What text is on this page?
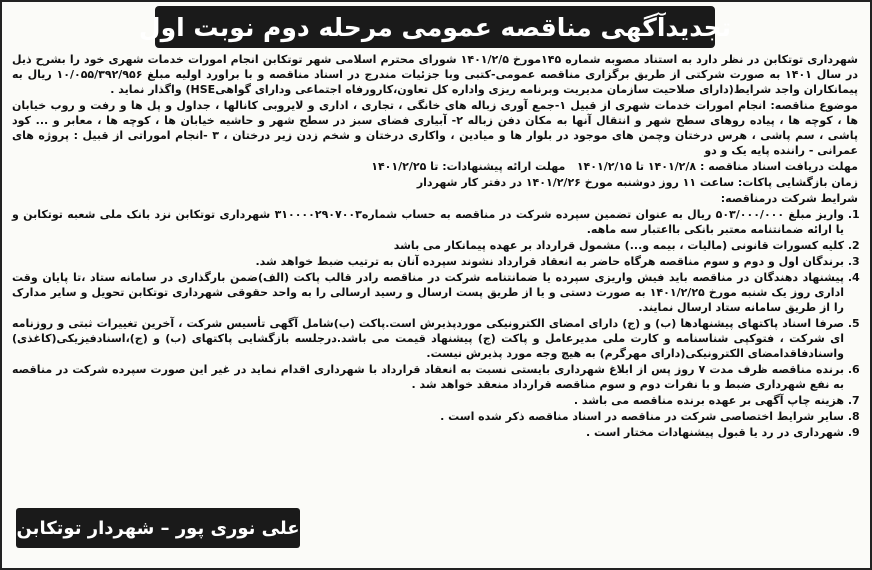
تجدیدآگهی مناقصه عمومی مرحله دوم نوبت اول

شهرداری توتکابن در نظر دارد به استناد مصوبه شماره ۱۴۵مورخ ۱۴۰۱/۲/۵ شورای محترم اسلامی شهر توتکابن انجام امورات خدمات شهری خود را بشرح ذیل در سال ۱۴۰۱ به صورت شرکتی از طریق برگزاری مناقصه عمومی-کتبی وبا جزئیات مندرج در اسناد مناقصه و با براورد اولیه مبلغ ۱۰/۰۵۵/۳۹۲/۹۵۶ ریال به پیمانکاران واجد شرایط(دارای صلاحیت سازمان مدیریت وبرنامه ریزی واداره کل تعاون،کارورفاه اجتماعی ودارای گواهیHSE) واگذار نماید .

موضوع مناقصه: انجام امورات خدمات شهری از قبیل ۱-جمع آوری زباله های خانگی ، تجاری ، اداری و لایروبی کانالها ، جداول و پل ها و رفت و روب خیابان ها ، کوچه ها ، پیاده روهای سطح شهر و انتقال آنها به مکان دفن زباله ۲- آبیاری فضای سبز در سطح شهر و حاشیه خیابان ها ، کوچه ها ، معابر و ... کود پاشی ، سم پاشی ، هرس درختان وچمن های موجود در بلوار ها و میادین ، واکاری درختان و شخم زدن زیر درختان ، ۳ -انجام اموراتی از قبیل : پروژه های عمرانی - راننده پایه یک و دو

مهلت دریافت اسناد مناقصه : ۱۴۰۱/۲/۸ تا ۱۴۰۱/۲/۱۵   مهلت ارائه پیشنهادات: تا ۱۴۰۱/۲/۲۵

زمان بازگشایی پاکات: ساعت ۱۱ روز دوشنبه مورخ ۱۴۰۱/۲/۲۶ در دفتر کار شهردار

شرایط شرکت درمناقصه:

1. واریز مبلغ ۵۰۳/۰۰۰/۰۰۰ ریال به عنوان تضمین سپرده شرکت در مناقصه به حساب شماره۳۱۰۰۰۰۲۹۰۷۰۰۳ شهرداری توتکابن نزد بانک ملی شعبه توتکابن و یا ارائه ضمانتنامه معتبر بانکی بااعتبار سه ماهه.
2. کلیه کسورات قانونی (مالیات ، بیمه و...) مشمول قرارداد بر عهده پیمانکار می باشد
3. برندگان اول و دوم و سوم مناقصه هرگاه حاضر به انعقاد قرارداد نشوند سپرده آنان به ترتیب ضبط خواهد شد.
4. پیشنهاد دهندگان در مناقصه باید فیش واریزی سپرده یا ضمانتنامه شرکت در مناقصه رادر قالب پاکت (الف)ضمن بارگذاری در سامانه ستاد ،تا پایان وقت اداری روز یک شنبه مورخ ۱۴۰۱/۲/۲۵ به صورت دستی و یا از طریق پست ارسال و رسید ارسالی را به واحد حقوقی شهرداری توتکابن تحویل و سایر مدارک را از طریق سامانه ستاد ارسال نمایند.
5. صرفا اسناد پاکتهای پیشنهادها (ب) و (ج) دارای امضای الکترونیکی موردپذیرش است.پاکت (ب)شامل آگهی تأسیس شرکت ، آخرین تغییرات ثبتی و روزنامه ای شرکت ، فتوکپی شناسنامه و کارت ملی مدیرعامل و پاکت (ج) پیشنهاد قیمت می باشد.درجلسه بازگشایی پاکتهای (ب) و (ج)،اسنادفیزیکی(کاغذی) واسنادفاقدامضای الکترونیکی(دارای مهرگرم) به هیچ وجه مورد پذیرش نیست.
6. برنده مناقصه ظرف مدت ۷ روز پس از ابلاغ شهرداری بایستی نسبت به انعقاد قرارداد با شهرداری اقدام نماید در غیر این صورت سپرده شرکت در مناقصه به نفع شهرداری ضبط و با نفرات دوم و سوم مناقصه قرارداد منعقد خواهد شد .
7. هزینه چاپ آگهی بر عهده برنده مناقصه می باشد .
8. سایر شرایط اختصاصی شرکت در مناقصه در اسناد مناقصه ذکر شده است .
9. شهرداری در رد یا قبول پیشنهادات مختار است .
علی نوری پور – شهردار توتکابن
